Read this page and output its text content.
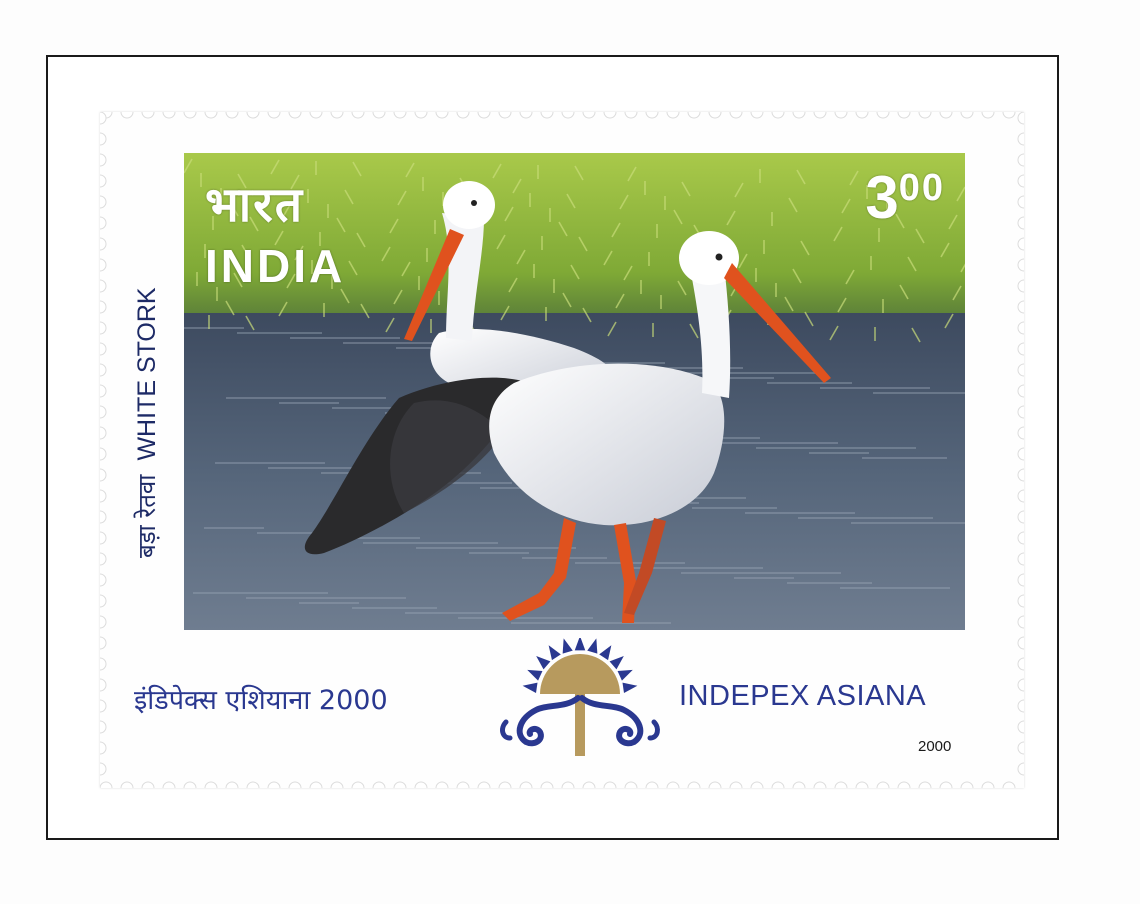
भारत
INDIA
300
बड़ा रेतवाWHITE STORK
इंडिपेक्स एशियाना 2000	INDEPEX ASIANA
2000
